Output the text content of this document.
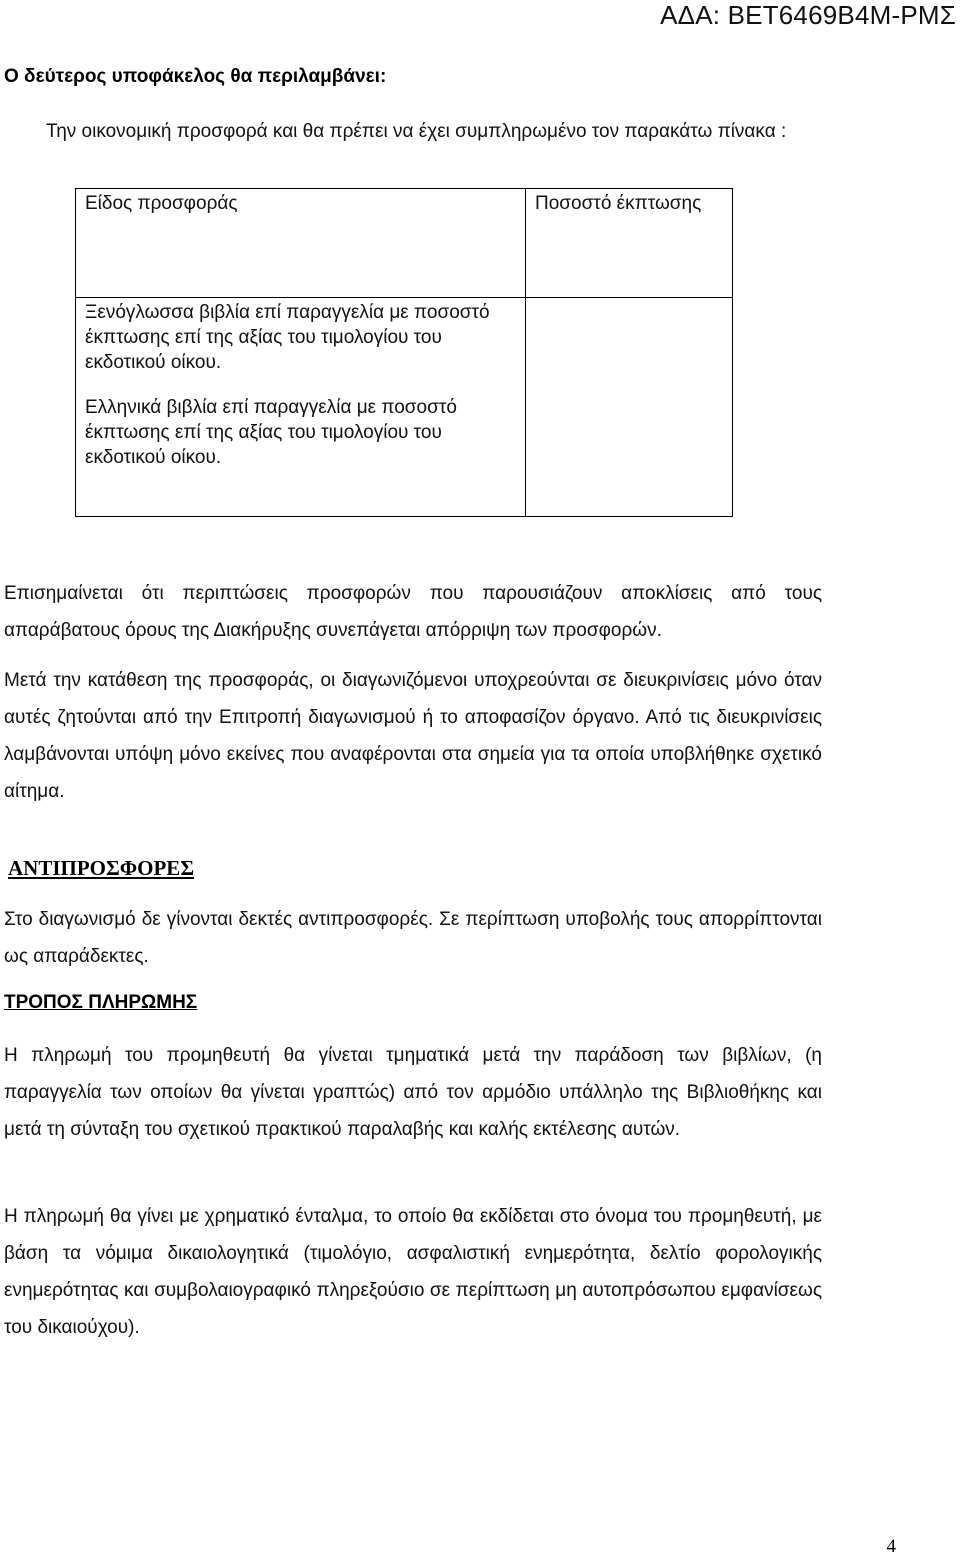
ΑΔΑ: ΒΕΤ6469Β4Μ-ΡΜΣ
Ο δεύτερος υποφάκελος θα περιλαμβάνει:
Την οικονομική προσφορά και θα πρέπει να έχει συμπληρωμένο τον παρακάτω πίνακα :
Είδος προσφοράς	Ποσοστό έκπτωσης

Ξενόγλωσσα βιβλία επί παραγγελία με ποσοστό έκπτωσης επί της αξίας του τιμολογίου του εκδοτικού οίκου.
Ελληνικά βιβλία επί παραγγελία με ποσοστό έκπτωσης επί της αξίας του τιμολογίου του εκδοτικού οίκου.	

Επισημαίνεται ότι περιπτώσεις προσφορών που παρουσιάζουν αποκλίσεις από τους απαράβατους όρους της Διακήρυξης συνεπάγεται απόρριψη των προσφορών.
Μετά την κατάθεση της προσφοράς, οι διαγωνιζόμενοι υποχρεούνται σε διευκρινίσεις μόνο όταν αυτές ζητούνται από την Επιτροπή διαγωνισμού ή το αποφασίζον όργανο. Από τις διευκρινίσεις λαμβάνονται υπόψη μόνο εκείνες που αναφέρονται στα σημεία για τα οποία υποβλήθηκε σχετικό αίτημα.
ΑΝΤΙΠΡΟΣΦΟΡΕΣ
Στο διαγωνισμό δε γίνονται δεκτές αντιπροσφορές. Σε περίπτωση υποβολής τους απορρίπτονται ως απαράδεκτες.
ΤΡΟΠΟΣ ΠΛΗΡΩΜΗΣ
Η πληρωμή του προμηθευτή θα γίνεται τμηματικά μετά την παράδοση των βιβλίων, (η παραγγελία των οποίων θα γίνεται γραπτώς) από τον αρμόδιο υπάλληλο της Βιβλιοθήκης και μετά τη σύνταξη του σχετικού πρακτικού παραλαβής και καλής εκτέλεσης αυτών.
Η πληρωμή θα γίνει με χρηματικό ένταλμα, το οποίο θα εκδίδεται στο όνομα του προμηθευτή, με βάση τα νόμιμα δικαιολογητικά (τιμολόγιο, ασφαλιστική ενημερότητα, δελτίο φορολογικής ενημερότητας και συμβολαιογραφικό πληρεξούσιο σε περίπτωση μη αυτοπρόσωπου εμφανίσεως του δικαιούχου).
4
